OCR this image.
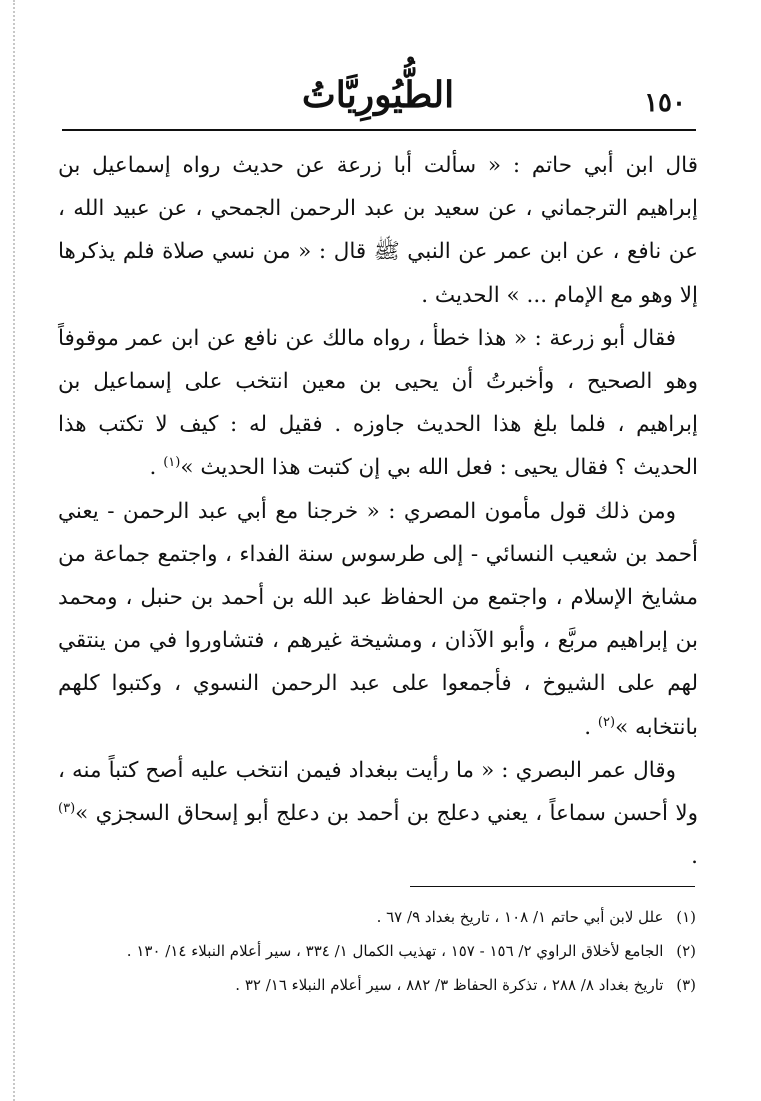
١٥٠
الطُّيُورِيَّاتُ

قال ابن أبي حاتم : « سألت أبا زرعة عن حديث رواه إسماعيل بن إبراهيم الترجماني ، عن سعيد بن عبد الرحمن الجمحي ، عن عبيد الله ، عن نافع ، عن ابن عمر عن النبي ﷺ قال : « من نسي صلاة فلم يذكرها إلا وهو مع الإمام ... » الحديث .

فقال أبو زرعة : « هذا خطأ ، رواه مالك عن نافع عن ابن عمر موقوفاً وهو الصحيح ، وأخبرتُ أن يحيى بن معين انتخب على إسماعيل بن إبراهيم ، فلما بلغ هذا الحديث جاوزه . فقيل له : كيف لا تكتب هذا الحديث ؟ فقال يحيى : فعل الله بي إن كتبت هذا الحديث »$^{(١)}$ .

ومن ذلك قول مأمون المصري : « خرجنا مع أبي عبد الرحمن - يعني أحمد بن شعيب النسائي - إلى طرسوس سنة الفداء ، واجتمع جماعة من مشايخ الإسلام ، واجتمع من الحفاظ عبد الله بن أحمد بن حنبل ، ومحمد بن إبراهيم مربَّع ، وأبو الآذان ، ومشيخة غيرهم ، فتشاوروا في من ينتقي لهم على الشيوخ ، فأجمعوا على عبد الرحمن النسوي ، وكتبوا كلهم بانتخابه »$^{(٢)}$ .

وقال عمر البصري : « ما رأيت ببغداد فيمن انتخب عليه أصح كتباً منه ، ولا أحسن سماعاً ، يعني دعلج بن أحمد بن دعلج أبو إسحاق السجزي »$^{(٣)}$ .

(١) علل لابن أبي حاتم ١/ ١٠٨ ، تاريخ بغداد ٩/ ٦٧ .
(٢) الجامع لأخلاق الراوي ٢/ ١٥٦ - ١٥٧ ، تهذيب الكمال ١/ ٣٣٤ ، سير أعلام النبلاء ١٤/ ١٣٠ .
(٣) تاريخ بغداد ٨/ ٢٨٨ ، تذكرة الحفاظ ٣/ ٨٨٢ ، سير أعلام النبلاء ١٦/ ٣٢ .
